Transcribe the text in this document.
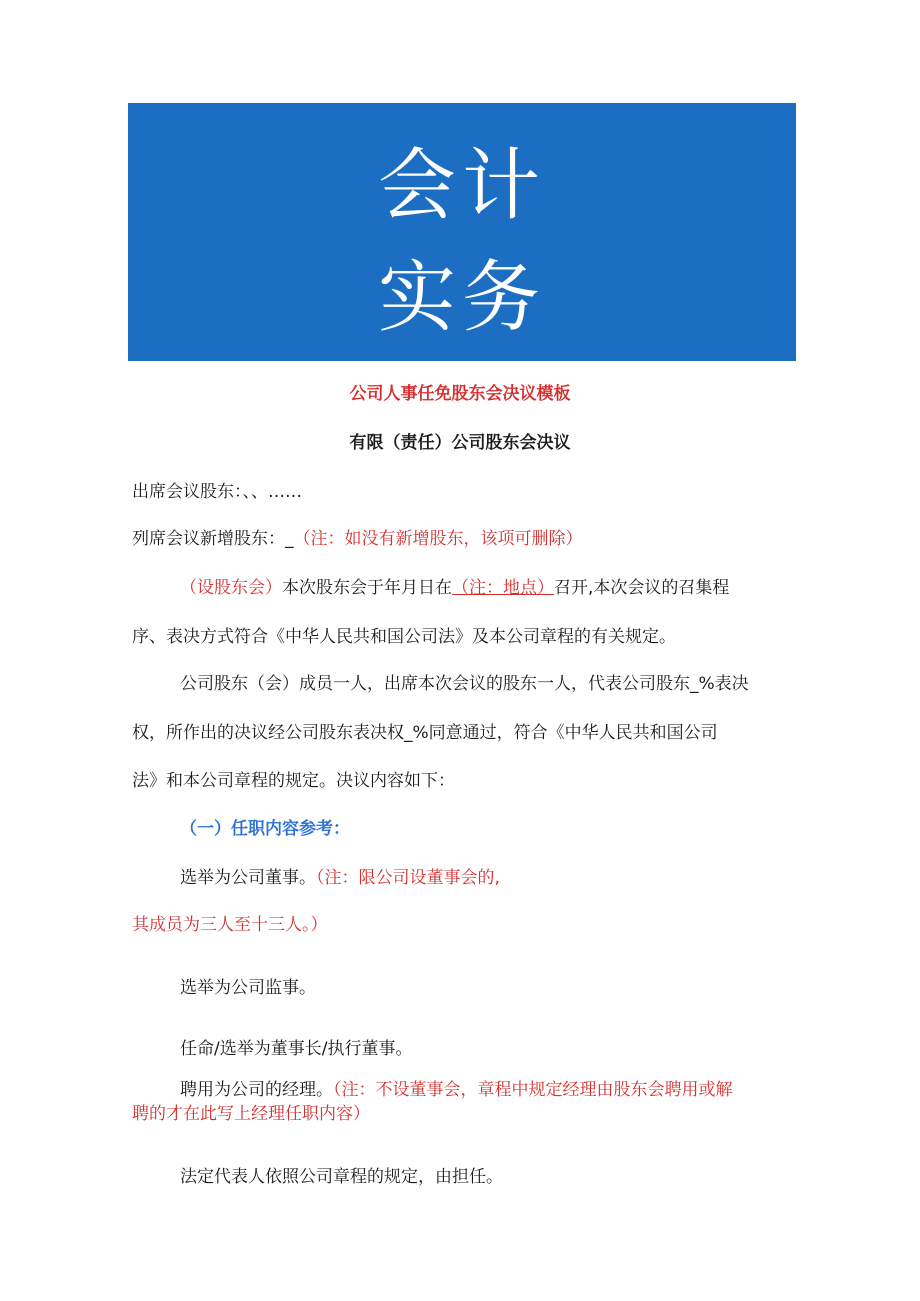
会计
实务
公司人事任免股东会决议模板
有限（责任）公司股东会决议
出席会议股东：、、……
列席会议新增股东：_（注：如没有新增股东，该项可删除）
（设股东会）本次股东会于年月日在（注：地点）召开,本次会议的召集程
序、表决方式符合《中华人民共和国公司法》及本公司章程的有关规定。
公司股东（会）成员一人，出席本次会议的股东一人，代表公司股东_%表决
权，所作出的决议经公司股东表决权_%同意通过，符合《中华人民共和国公司
法》和本公司章程的规定。决议内容如下：
（一）任职内容参考：
选举为公司董事。（注：限公司设董事会的,
其成员为三人至十三人。）
选举为公司监事。
任命/选举为董事长/执行董事。
聘用为公司的经理。（注：不设董事会，章程中规定经理由股东会聘用或解
聘的才在此写上经理任职内容）
法定代表人依照公司章程的规定，由担任。
